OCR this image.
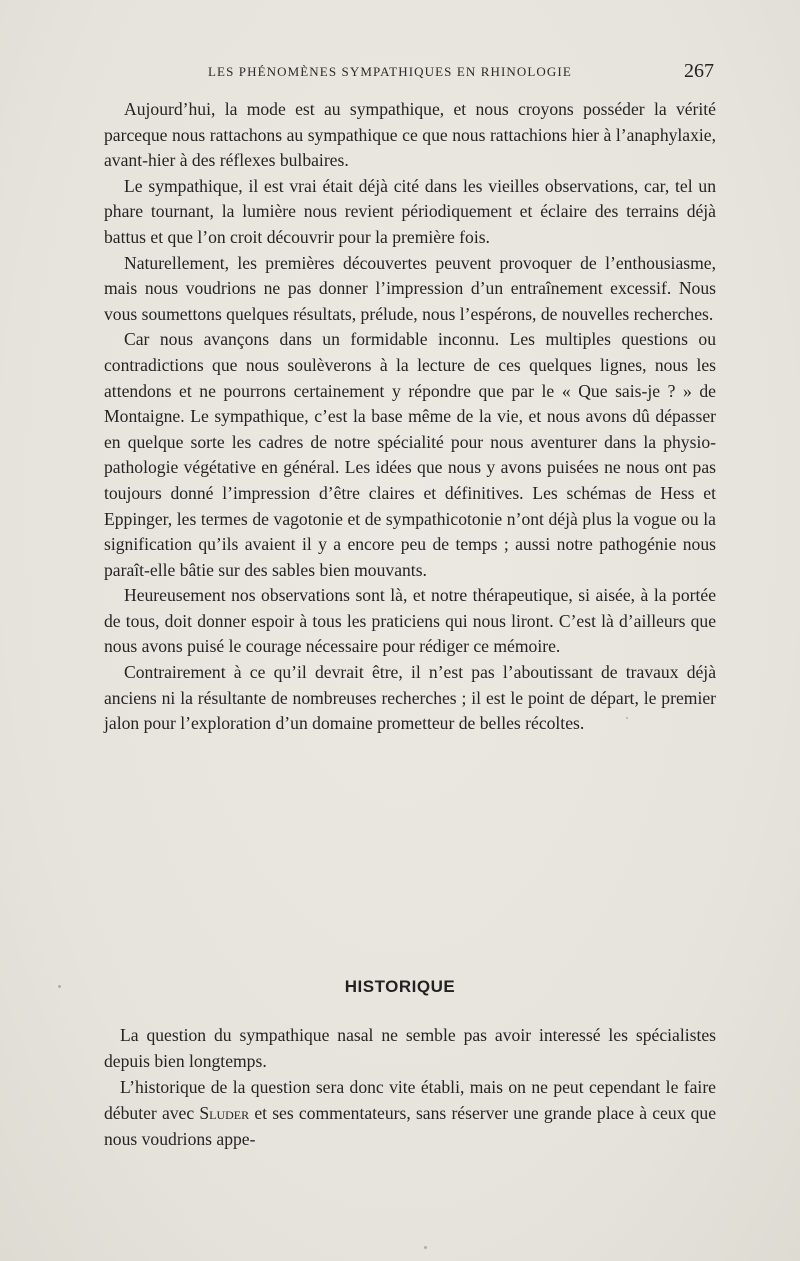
LES PHÉNOMÈNES SYMPATHIQUES EN RHINOLOGIE	267

Aujourd’hui, la mode est au sympathique, et nous croyons posséder la vérité parceque nous rattachons au sympathique ce que nous rattachions hier à l’anaphylaxie, avant-hier à des réflexes bulbaires.

Le sympathique, il est vrai était déjà cité dans les vieilles observations, car, tel un phare tournant, la lumière nous revient périodiquement et éclaire des terrains déjà battus et que l’on croit découvrir pour la première fois.

Naturellement, les premières découvertes peuvent provoquer de l’enthousiasme, mais nous voudrions ne pas donner l’impression d’un entraînement excessif. Nous vous soumettons quelques résultats, prélude, nous l’espérons, de nouvelles recherches.

Car nous avançons dans un formidable inconnu. Les multiples questions ou contradictions que nous soulèverons à la lecture de ces quelques lignes, nous les attendons et ne pourrons certainement y répondre que par le « Que sais-je ? » de Montaigne. Le sympathique, c’est la base même de la vie, et nous avons dû dépasser en quelque sorte les cadres de notre spécialité pour nous aventurer dans la physio-pathologie végétative en général. Les idées que nous y avons puisées ne nous ont pas toujours donné l’impression d’être claires et définitives. Les schémas de Hess et Eppinger, les termes de vagotonie et de sympathicotonie n’ont déjà plus la vogue ou la signification qu’ils avaient il y a encore peu de temps ; aussi notre pathogénie nous paraît-elle bâtie sur des sables bien mouvants.

Heureusement nos observations sont là, et notre thérapeutique, si aisée, à la portée de tous, doit donner espoir à tous les praticiens qui nous liront. C’est là d’ailleurs que nous avons puisé le courage nécessaire pour rédiger ce mémoire.

Contrairement à ce qu’il devrait être, il n’est pas l’aboutissant de travaux déjà anciens ni la résultante de nombreuses recherches ; il est le point de départ, le premier jalon pour l’exploration d’un domaine prometteur de belles récoltes.

HISTORIQUE

La question du sympathique nasal ne semble pas avoir interessé les spécialistes depuis bien longtemps.

L’historique de la question sera donc vite établi, mais on ne peut cependant le faire débuter avec Sluder et ses commentateurs, sans réserver une grande place à ceux que nous voudrions appe-
